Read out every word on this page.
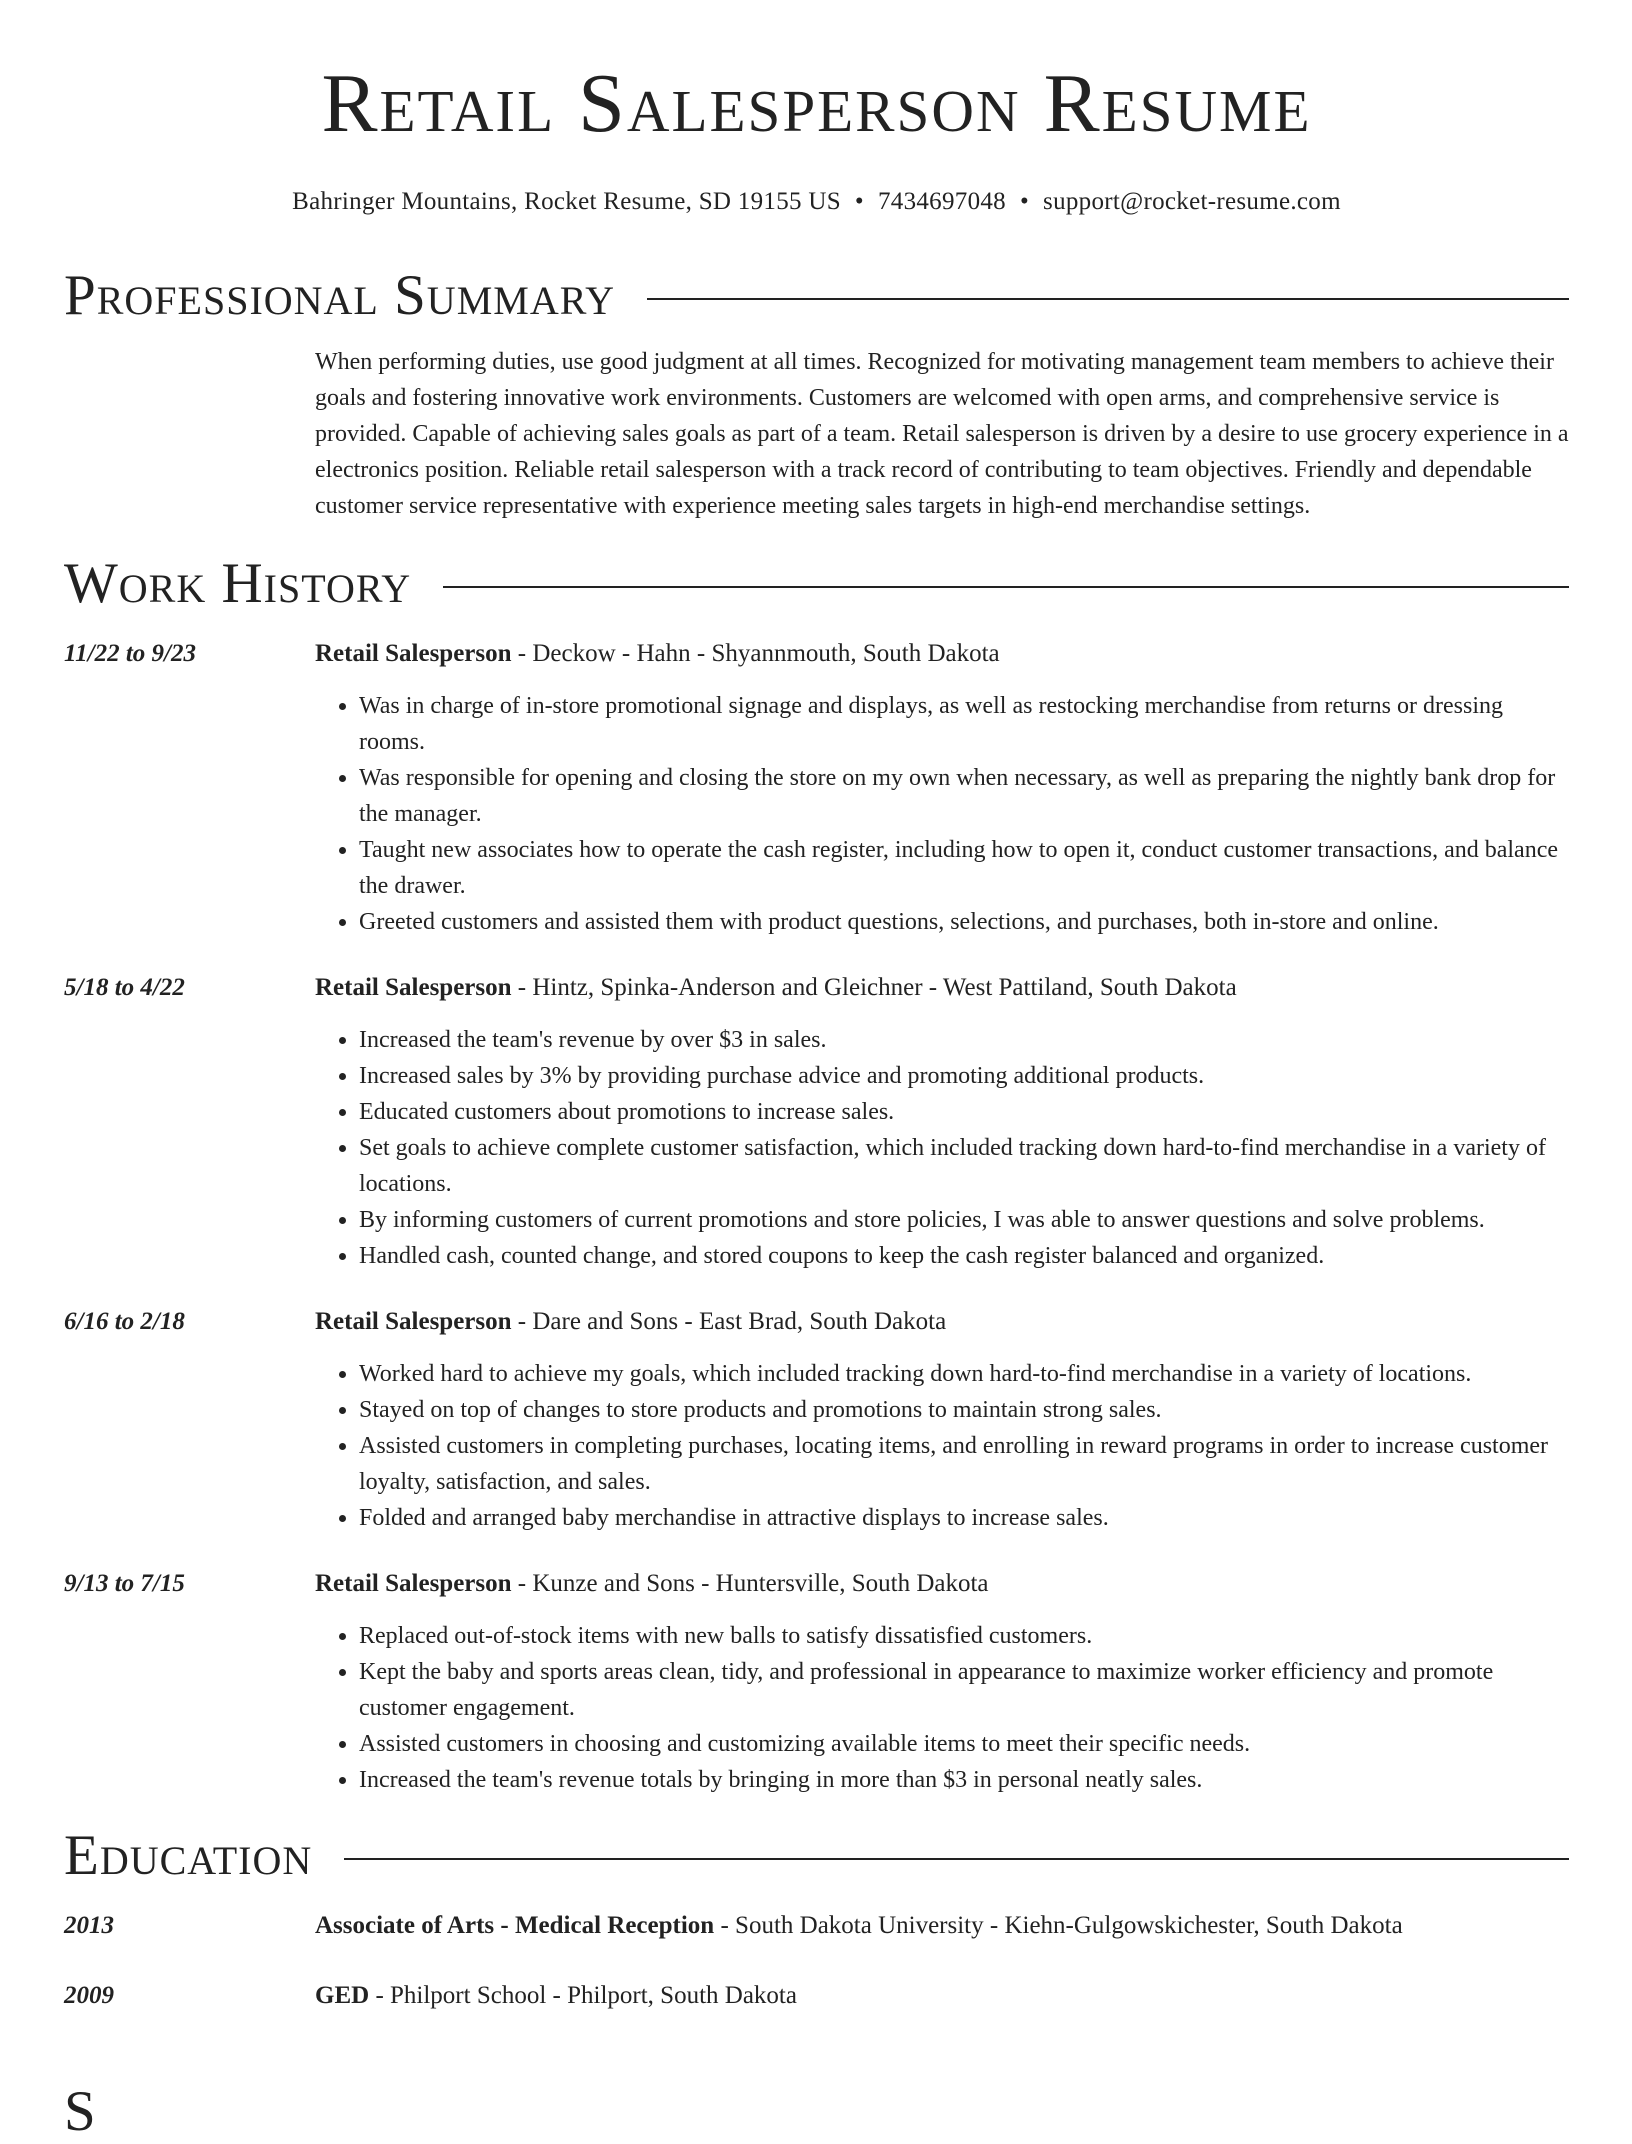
Retail Salesperson Resume
Bahringer Mountains, Rocket Resume, SD 19155 US • 7434697048 • support@rocket-resume.com
Professional Summary
When performing duties, use good judgment at all times. Recognized for motivating management team members to achieve their goals and fostering innovative work environments. Customers are welcomed with open arms, and comprehensive service is provided. Capable of achieving sales goals as part of a team. Retail salesperson is driven by a desire to use grocery experience in a electronics position. Reliable retail salesperson with a track record of contributing to team objectives. Friendly and dependable customer service representative with experience meeting sales targets in high-end merchandise settings.
Work History
11/22 to 9/23	Retail Salesperson - Deckow - Hahn - Shyannmouth, South Dakota
• Was in charge of in-store promotional signage and displays, as well as restocking merchandise from returns or dressing rooms.
• Was responsible for opening and closing the store on my own when necessary, as well as preparing the nightly bank drop for the manager.
• Taught new associates how to operate the cash register, including how to open it, conduct customer transactions, and balance the drawer.
• Greeted customers and assisted them with product questions, selections, and purchases, both in-store and online.
5/18 to 4/22	Retail Salesperson - Hintz, Spinka-Anderson and Gleichner - West Pattiland, South Dakota
• Increased the team's revenue by over $3 in sales.
• Increased sales by 3% by providing purchase advice and promoting additional products.
• Educated customers about promotions to increase sales.
• Set goals to achieve complete customer satisfaction, which included tracking down hard-to-find merchandise in a variety of locations.
• By informing customers of current promotions and store policies, I was able to answer questions and solve problems.
• Handled cash, counted change, and stored coupons to keep the cash register balanced and organized.
6/16 to 2/18	Retail Salesperson - Dare and Sons - East Brad, South Dakota
• Worked hard to achieve my goals, which included tracking down hard-to-find merchandise in a variety of locations.
• Stayed on top of changes to store products and promotions to maintain strong sales.
• Assisted customers in completing purchases, locating items, and enrolling in reward programs in order to increase customer loyalty, satisfaction, and sales.
• Folded and arranged baby merchandise in attractive displays to increase sales.
9/13 to 7/15	Retail Salesperson - Kunze and Sons - Huntersville, South Dakota
• Replaced out-of-stock items with new balls to satisfy dissatisfied customers.
• Kept the baby and sports areas clean, tidy, and professional in appearance to maximize worker efficiency and promote customer engagement.
• Assisted customers in choosing and customizing available items to meet their specific needs.
• Increased the team's revenue totals by bringing in more than $3 in personal neatly sales.
Education
2013	Associate of Arts - Medical Reception - South Dakota University - Kiehn-Gulgowskichester, South Dakota
2009	GED - Philport School - Philport, South Dakota
S
